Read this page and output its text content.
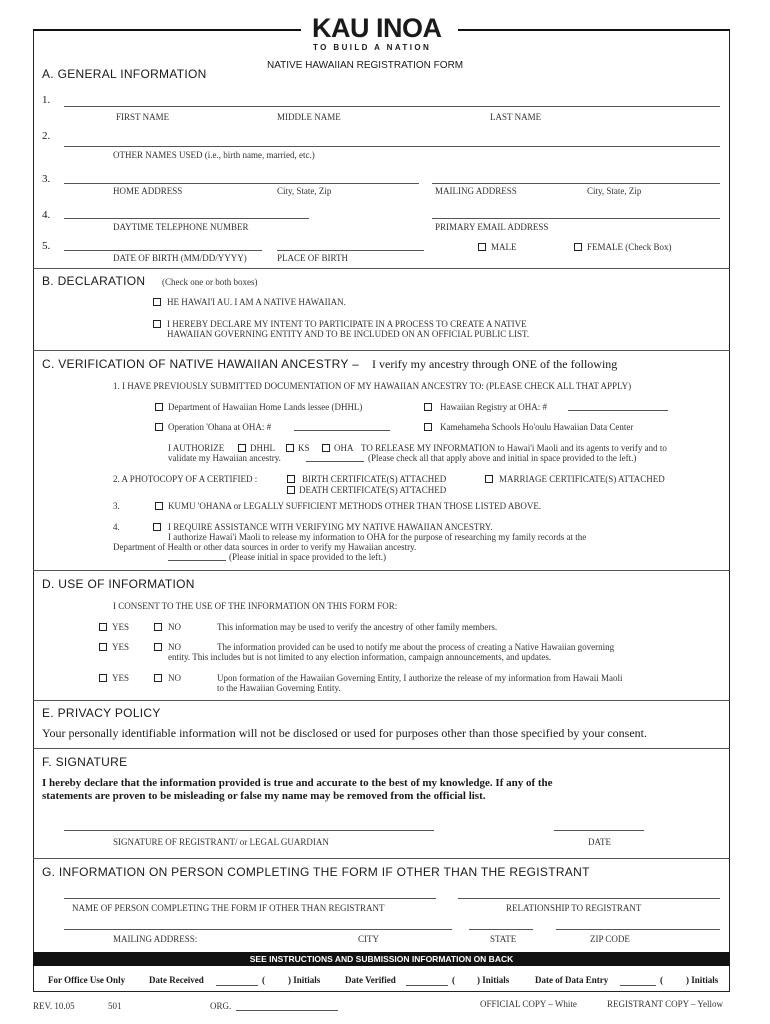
KAU INOA
TO BUILD A NATION
NATIVE HAWAIIAN REGISTRATION FORM
A. GENERAL INFORMATION
1.
FIRST NAME	MIDDLE NAME	LAST NAME
2.
OTHER NAMES USED (i.e., birth name, married, etc.)
3.
HOME ADDRESS	City, State, Zip	MAILING ADDRESS	City, State, Zip
4.
DAYTIME TELEPHONE NUMBER	PRIMARY EMAIL ADDRESS
5.	MALE	FEMALE (Check Box)
DATE OF BIRTH (MM/DD/YYYY)	PLACE OF BIRTH
B. DECLARATION (Check one or both boxes)
HE HAWAI'I AU. I AM A NATIVE HAWAIIAN.
I HEREBY DECLARE MY INTENT TO PARTICIPATE IN A PROCESS TO CREATE A NATIVE
HAWAIIAN GOVERNING ENTITY AND TO BE INCLUDED ON AN OFFICIAL PUBLIC LIST.
C. VERIFICATION OF NATIVE HAWAIIAN ANCESTRY – I verify my ancestry through ONE of the following
1. I HAVE PREVIOUSLY SUBMITTED DOCUMENTATION OF MY HAWAIIAN ANCESTRY TO: (PLEASE CHECK ALL THAT APPLY)
Department of Hawaiian Home Lands lessee (DHHL)	Hawaiian Registry at OHA: #
Operation 'Ohana at OHA: #	Kamehameha Schools Ho'oulu Hawaiian Data Center
I AUTHORIZE	DHHL	KS	OHA TO RELEASE MY INFORMATION to Hawai'i Maoli and its agents to verify and to
validate my Hawaiian ancestry.	(Please check all that apply above and initial in space provided to the left.)
2. A PHOTOCOPY OF A CERTIFIED :	BIRTH CERTIFICATE(S) ATTACHED	MARRIAGE CERTIFICATE(S) ATTACHED
DEATH CERTIFICATE(S) ATTACHED
3.	KUMU 'OHANA or LEGALLY SUFFICIENT METHODS OTHER THAN THOSE LISTED ABOVE.
4.	I REQUIRE ASSISTANCE WITH VERIFYING MY NATIVE HAWAIIAN ANCESTRY.
I authorize Hawai'i Maoli to release my information to OHA for the purpose of researching my family records at the
Department of Health or other data sources in order to verify my Hawaiian ancestry.
(Please initial in space provided to the left.)
D. USE OF INFORMATION
I CONSENT TO THE USE OF THE INFORMATION ON THIS FORM FOR:
YES	NO	This information may be used to verify the ancestry of other family members.
YES	NO	The information provided can be used to notify me about the process of creating a Native Hawaiian governing
entity. This includes but is not limited to any election information, campaign announcements, and updates.
YES	NO	Upon formation of the Hawaiian Governing Entity, I authorize the release of my information from Hawaii Maoli
to the Hawaiian Governing Entity.
E. PRIVACY POLICY
Your personally identifiable information will not be disclosed or used for purposes other than those specified by your consent.
F. SIGNATURE
I hereby declare that the information provided is true and accurate to the best of my knowledge. If any of the
statements are proven to be misleading or false my name may be removed from the official list.
SIGNATURE OF REGISTRANT/ or LEGAL GUARDIAN	DATE
G. INFORMATION ON PERSON COMPLETING THE FORM IF OTHER THAN THE REGISTRANT
NAME OF PERSON COMPLETING THE FORM IF OTHER THAN REGISTRANT	RELATIONSHIP TO REGISTRANT
MAILING ADDRESS:	CITY	STATE	ZIP CODE
SEE INSTRUCTIONS AND SUBMISSION INFORMATION ON BACK
For Office Use Only	Date Received	(	) Initials	Date Verified	( ) Initials	Date of Data Entry	(	) Initials
REV. 10.05	501	ORG.	OFFICIAL COPY – White	REGISTRANT COPY – Yellow
